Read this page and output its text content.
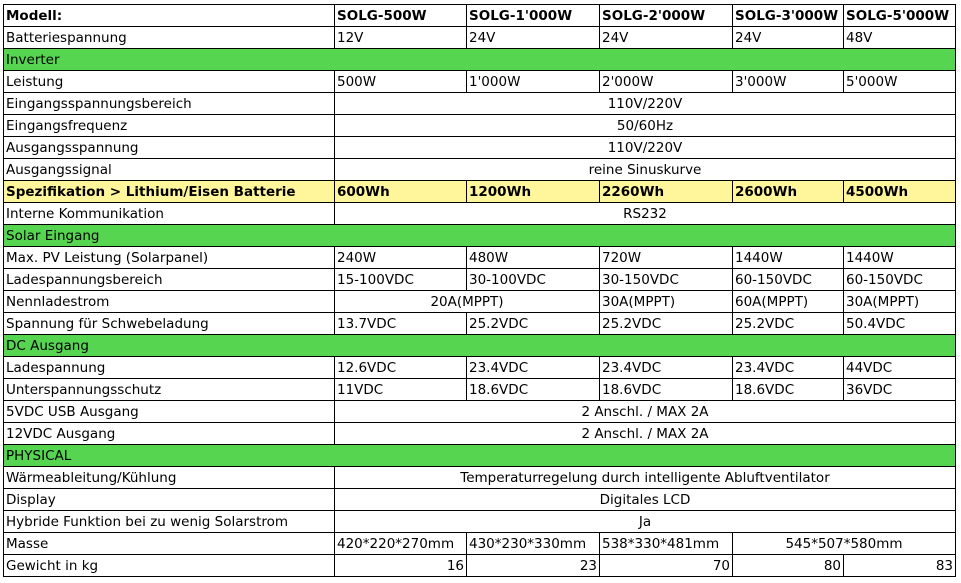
Modell:	SOLG-500W	SOLG-1'000W	SOLG-2'000W	SOLG-3'000W	SOLG-5'000W
Batteriespannung	12V	24V	24V	24V	48V
Inverter					
Leistung	500W	1'000W	2'000W	3'000W	5'000W
Eingangsspannungsbereich	110V/220V				
Eingangsfrequenz	50/60Hz				
Ausgangsspannung	110V/220V				
Ausgangssignal	reine Sinuskurve				
Spezifikation > Lithium/Eisen Batterie	600Wh	1200Wh	2260Wh	2600Wh	4500Wh
Interne Kommunikation	RS232				
Solar Eingang					
Max. PV Leistung (Solarpanel)	240W	480W	720W	1440W	1440W
Ladespannungsbereich	15-100VDC	30-100VDC	30-150VDC	60-150VDC	60-150VDC
Nennladestrom	20A(MPPT)		30A(MPPT)	60A(MPPT)	30A(MPPT)
Spannung für Schwebeladung	13.7VDC	25.2VDC	25.2VDC	25.2VDC	50.4VDC
DC Ausgang					
Ladespannung	12.6VDC	23.4VDC	23.4VDC	23.4VDC	44VDC
Unterspannungsschutz	11VDC	18.6VDC	18.6VDC	18.6VDC	36VDC
5VDC USB Ausgang	2 Anschl. / MAX 2A				
12VDC Ausgang	2 Anschl. / MAX 2A				
PHYSICAL					
Wärmeableitung/Kühlung	Temperaturregelung durch intelligente Abluftventilator				
Display	Digitales LCD				
Hybride Funktion bei zu wenig Solarstrom	Ja				
Masse	420*220*270mm	430*230*330mm	538*330*481mm	545*507*580mm	
Gewicht in kg	16	23	70	80	83
